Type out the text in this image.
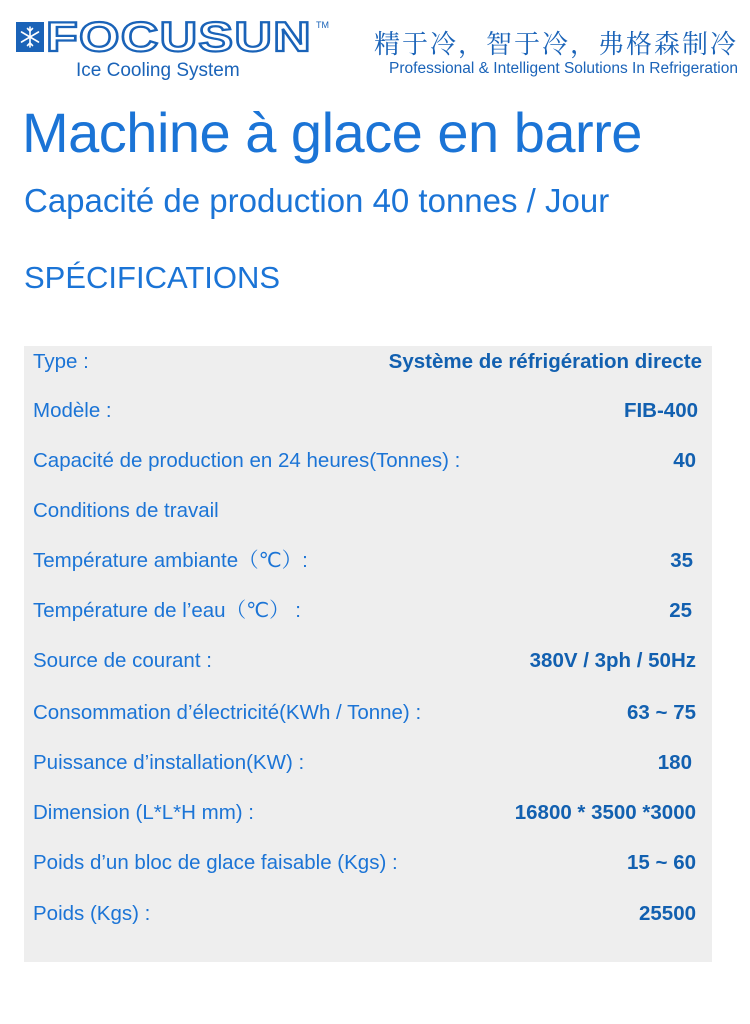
FOCUSUN TM
Ice Cooling System
精于冷，智于冷，弗格森制冷
Professional & Intelligent Solutions In Refrigeration
Machine à glace en barre
Capacité de production 40 tonnes / Jour
SPÉCIFICATIONS
Type :	Système de réfrigération directe
Modèle :	FIB-400
Capacité de production en 24 heures(Tonnes) :	40
Conditions de travail
Température ambiante（℃）:	35
Température de l’eau（℃） :	25
Source de courant :	380V / 3ph / 50Hz
Consommation d’électricité(KWh / Tonne) :	63 ~ 75
Puissance d’installation(KW) :	180
Dimension (L*L*H mm) :	16800 * 3500 *3000
Poids d’un bloc de glace faisable (Kgs) :	15 ~ 60
Poids (Kgs) :	25500
